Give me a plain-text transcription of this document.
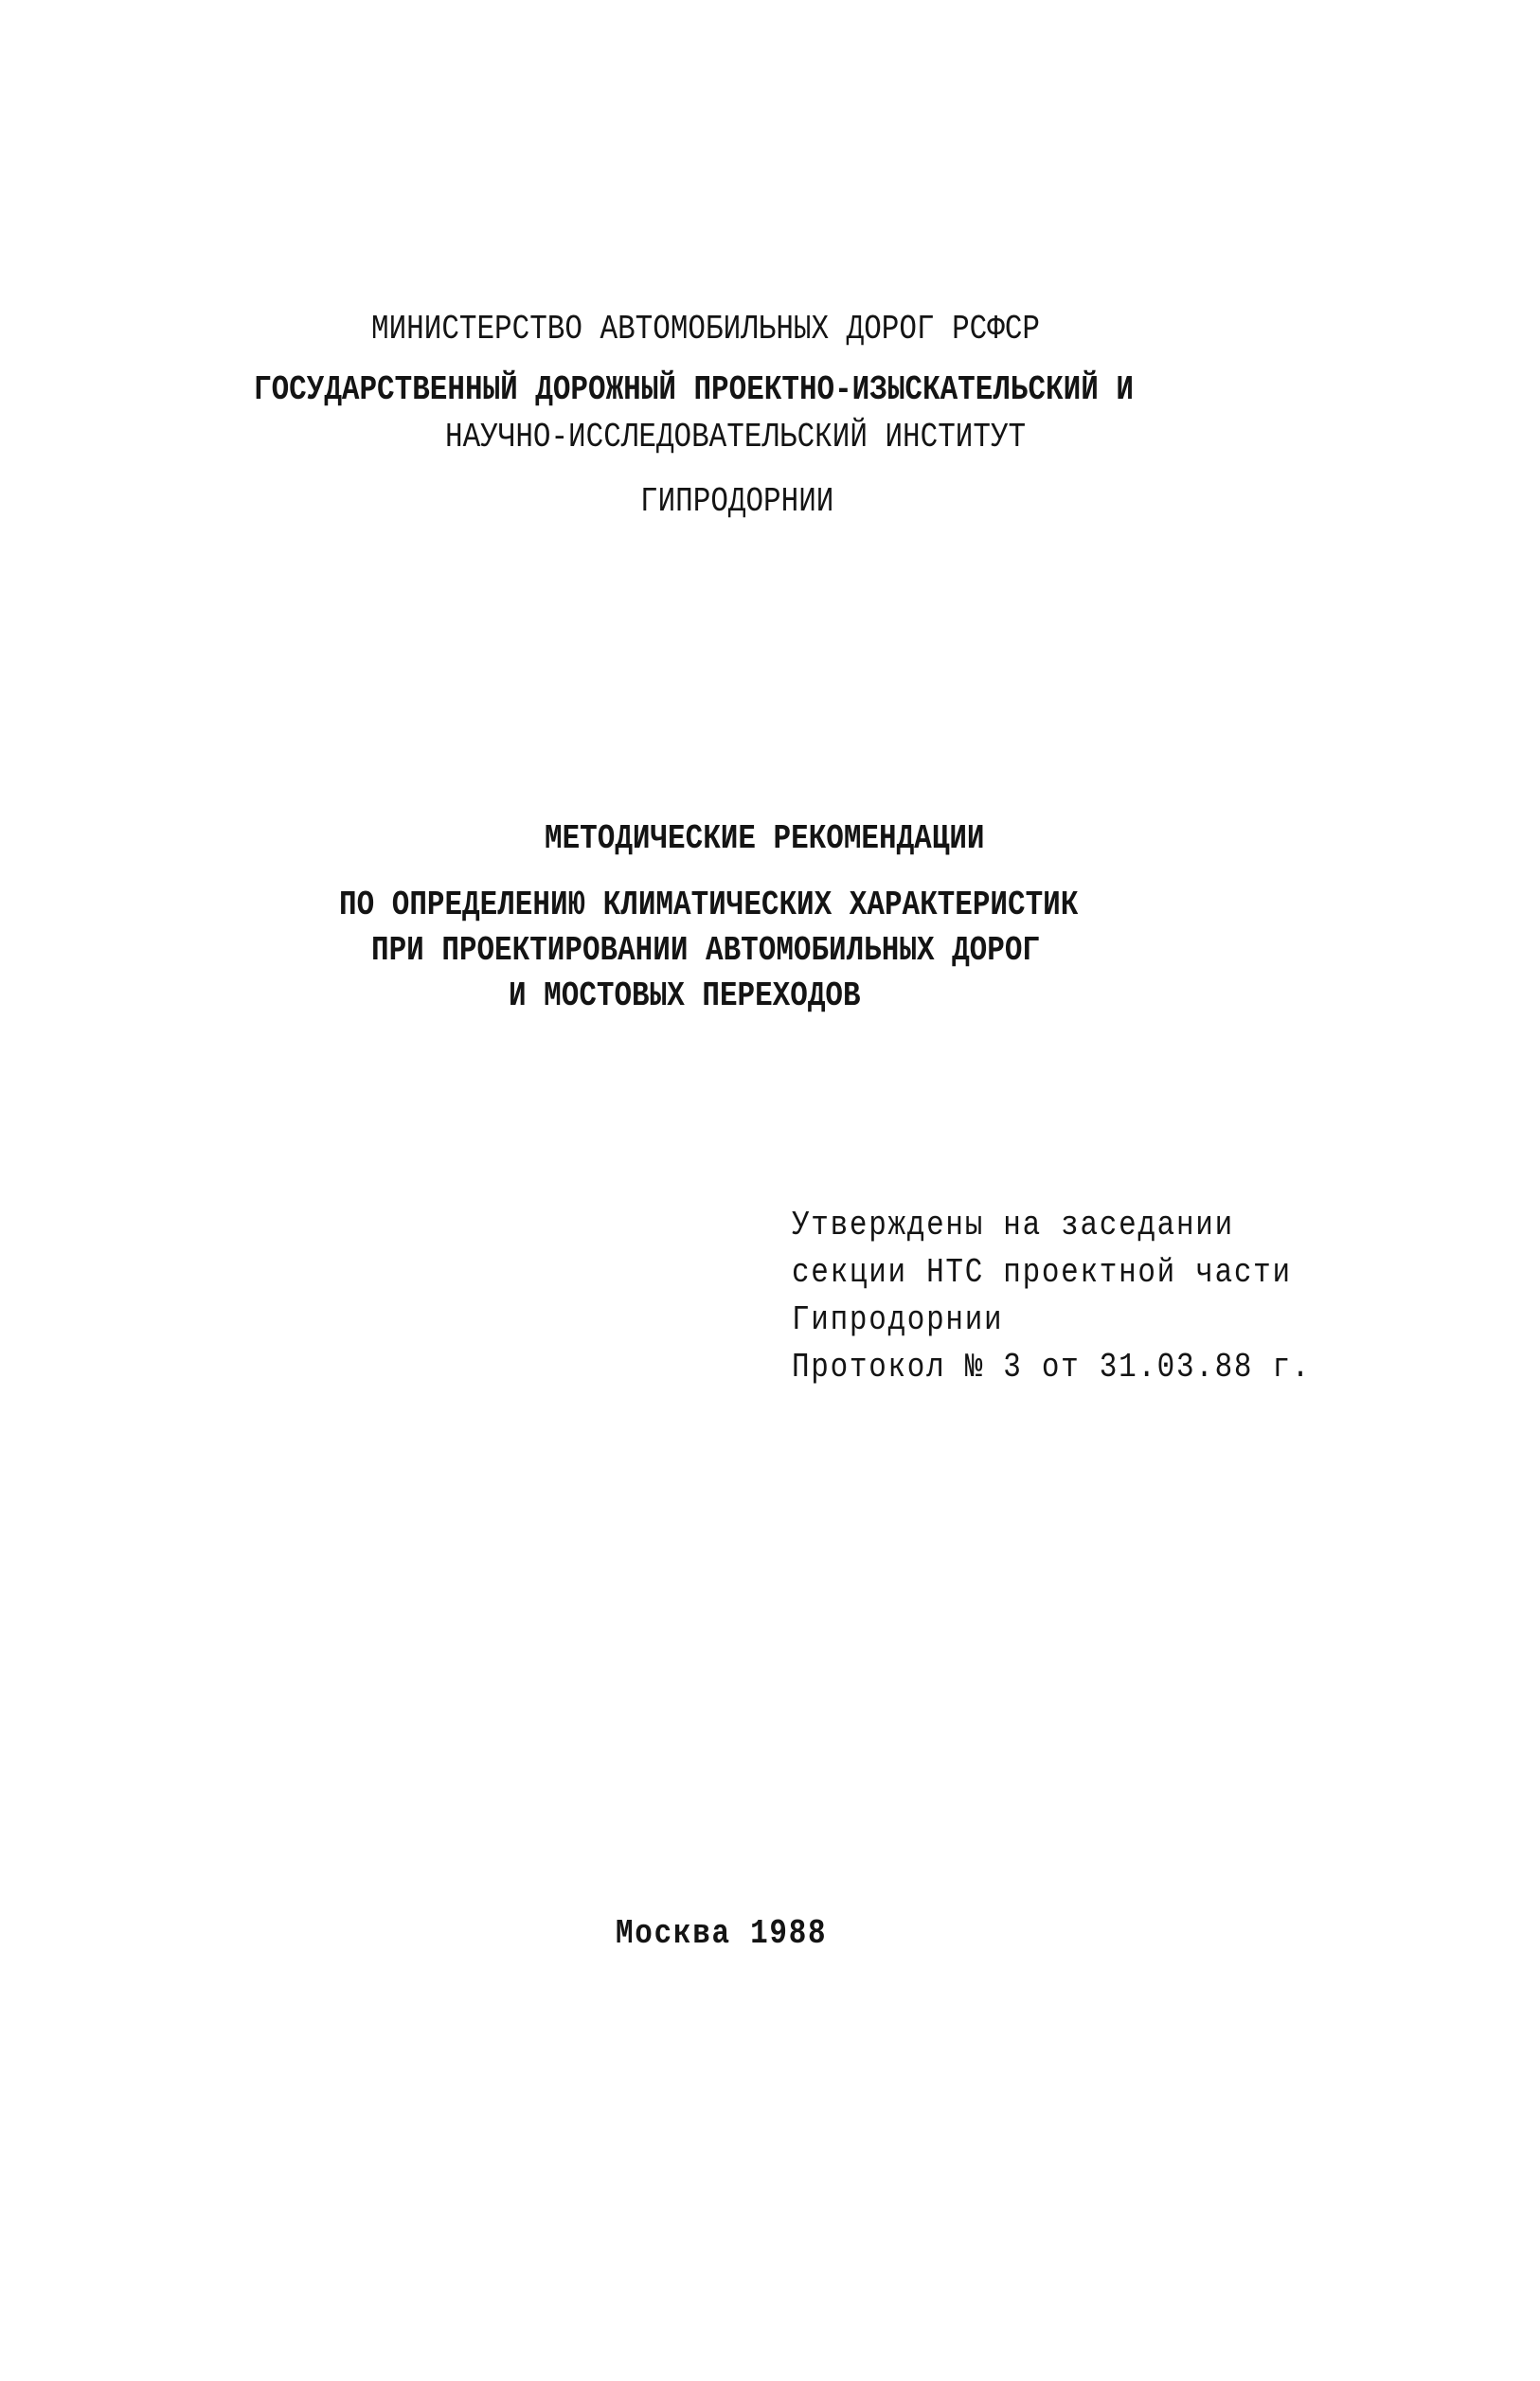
МИНИСТЕРСТВО АВТОМОБИЛЬНЫХ ДОРОГ РСФСР
ГОСУДАРСТВЕННЫЙ ДОРОЖНЫЙ ПРОЕКТНО-ИЗЫСКАТЕЛЬСКИЙ И
НАУЧНО-ИССЛЕДОВАТЕЛЬСКИЙ ИНСТИТУТ
ГИПРОДОРНИИ
МЕТОДИЧЕСКИЕ РЕКОМЕНДАЦИИ
ПО ОПРЕДЕЛЕНИЮ КЛИМАТИЧЕСКИХ ХАРАКТЕРИСТИК
ПРИ ПРОЕКТИРОВАНИИ АВТОМОБИЛЬНЫХ ДОРОГ
И МОСТОВЫХ ПЕРЕХОДОВ
Утверждены на заседании
секции НТС проектной части
Гипродорнии
Протокол № 3 от 31.03.88 г.
Москва 1988
